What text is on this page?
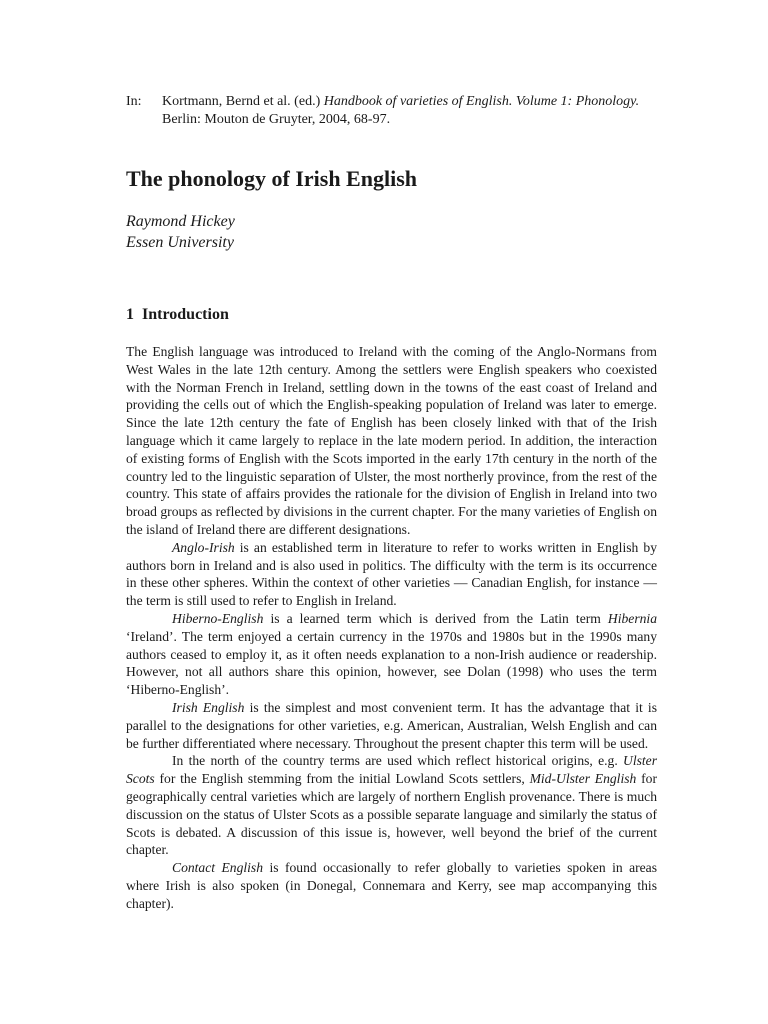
In: Kortmann, Bernd et al. (ed.) Handbook of varieties of English. Volume 1: Phonology. Berlin: Mouton de Gruyter, 2004, 68-97.
The phonology of Irish English
Raymond Hickey
Essen University
1 Introduction

The English language was introduced to Ireland with the coming of the Anglo-Normans from West Wales in the late 12th century. Among the settlers were English speakers who coexisted with the Norman French in Ireland, settling down in the towns of the east coast of Ireland and providing the cells out of which the English-speaking population of Ireland was later to emerge. Since the late 12th century the fate of English has been closely linked with that of the Irish language which it came largely to replace in the late modern period. In addition, the interaction of existing forms of English with the Scots imported in the early 17th century in the north of the country led to the linguistic separation of Ulster, the most northerly province, from the rest of the country. This state of affairs provides the rationale for the division of English in Ireland into two broad groups as reflected by divisions in the current chapter. For the many varieties of English on the island of Ireland there are different designations.

Anglo-Irish is an established term in literature to refer to works written in English by authors born in Ireland and is also used in politics. The difficulty with the term is its occurrence in these other spheres. Within the context of other varieties — Canadian English, for instance — the term is still used to refer to English in Ireland.

Hiberno-English is a learned term which is derived from the Latin term Hibernia ‘Ireland’. The term enjoyed a certain currency in the 1970s and 1980s but in the 1990s many authors ceased to employ it, as it often needs explanation to a non-Irish audience or readership. However, not all authors share this opinion, however, see Dolan (1998) who uses the term ‘Hiberno-English’.

Irish English is the simplest and most convenient term. It has the advantage that it is parallel to the designations for other varieties, e.g. American, Australian, Welsh English and can be further differentiated where necessary. Throughout the present chapter this term will be used.

In the north of the country terms are used which reflect historical origins, e.g. Ulster Scots for the English stemming from the initial Lowland Scots settlers, Mid-Ulster English for geographically central varieties which are largely of northern English provenance. There is much discussion on the status of Ulster Scots as a possible separate language and similarly the status of Scots is debated. A discussion of this issue is, however, well beyond the brief of the current chapter.

Contact English is found occasionally to refer globally to varieties spoken in areas where Irish is also spoken (in Donegal, Connemara and Kerry, see map accompanying this chapter).
